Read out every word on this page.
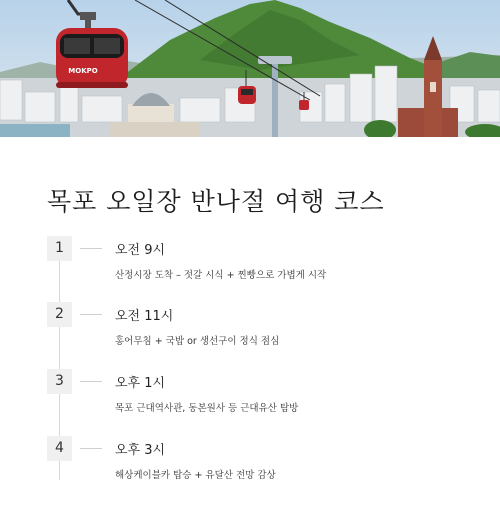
MOKPO
목포 오일장 반나절 여행 코스
1	오전 9시
산정시장 도착 – 젓갈 시식 + 찐빵으로 가볍게 시작
2	오전 11시
홍어무침 + 국밥 or 생선구이 정식 점심
3	오후 1시
목포 근대역사관, 동본원사 등 근대유산 탐방
4	오후 3시
해상케이블카 탑승 + 유달산 전망 감상
